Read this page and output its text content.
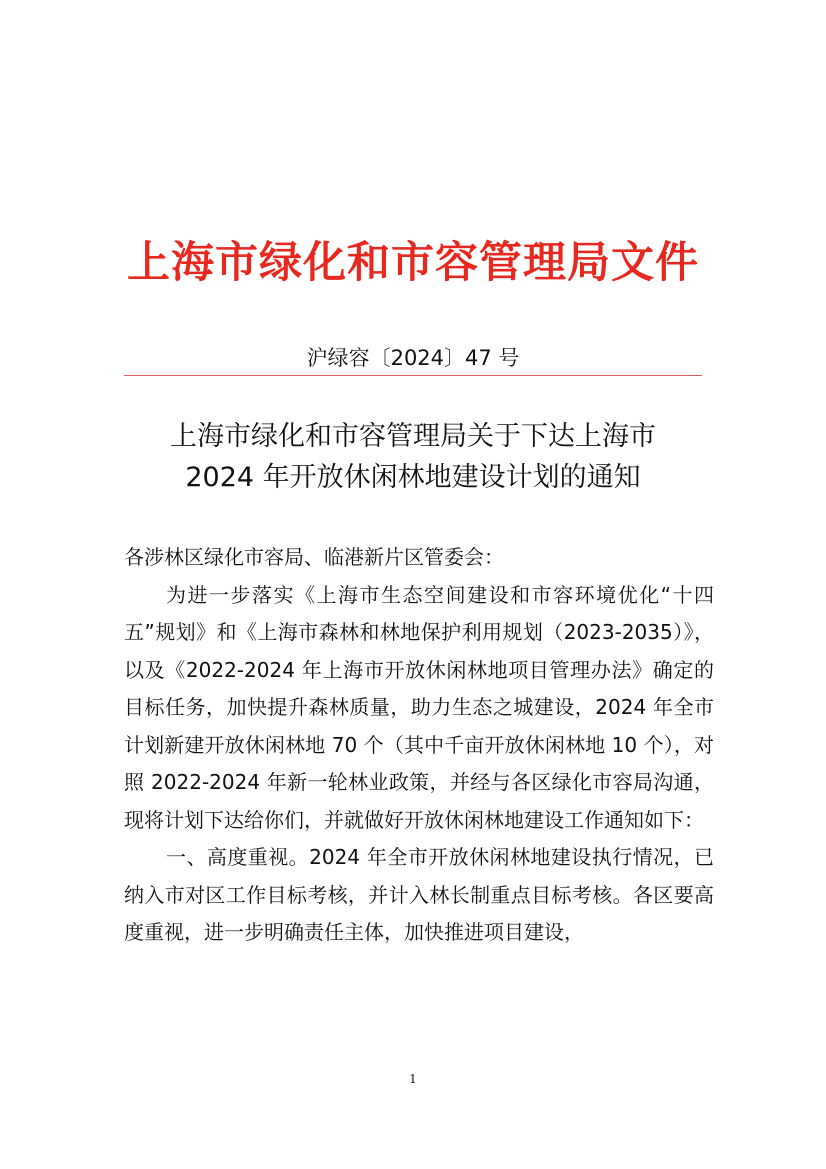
上海市绿化和市容管理局文件
沪绿容〔2024〕47 号
上海市绿化和市容管理局关于下达上海市
2024 年开放休闲林地建设计划的通知

各涉林区绿化市容局、临港新片区管委会：

为进一步落实《上海市生态空间建设和市容环境优化“十四五”规划》和《上海市森林和林地保护利用规划（2023-2035）》，以及《2022-2024 年上海市开放休闲林地项目管理办法》确定的目标任务，加快提升森林质量，助力生态之城建设，2024 年全市计划新建开放休闲林地 70 个（其中千亩开放休闲林地 10 个），对照 2022-2024 年新一轮林业政策，并经与各区绿化市容局沟通，现将计划下达给你们，并就做好开放休闲林地建设工作通知如下：

一、高度重视。2024 年全市开放休闲林地建设执行情况，已纳入市对区工作目标考核，并计入林长制重点目标考核。各区要高度重视，进一步明确责任主体，加快推进项目建设，

1
